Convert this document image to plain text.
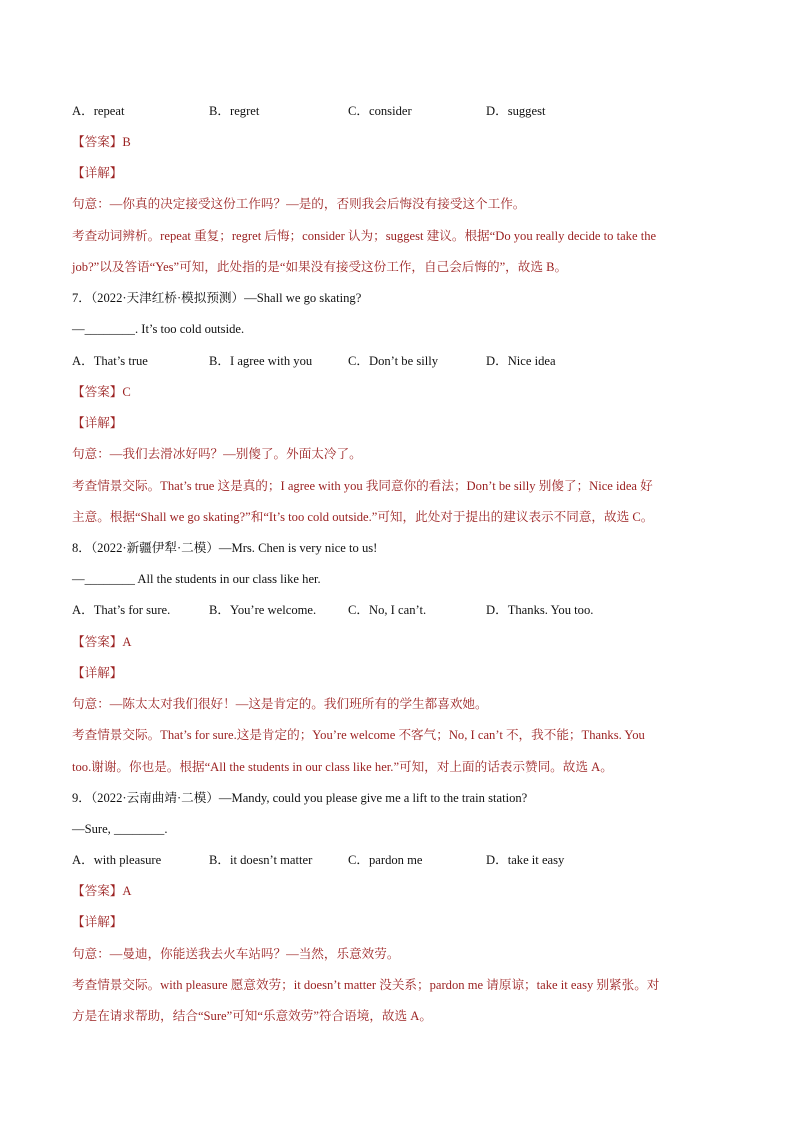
A．repeat	B．regret	C．consider	D．suggest
【答案】B
【详解】
句意：—你真的决定接受这份工作吗？—是的，否则我会后悔没有接受这个工作。
考查动词辨析。repeat 重复；regret 后悔；consider 认为；suggest 建议。根据“Do you really decide to take the
job?”以及答语“Yes”可知，此处指的是“如果没有接受这份工作，自己会后悔的”，故选 B。
7．（2022·天津红桥·模拟预测）—Shall we go skating?
—________. It’s too cold outside.
A．That’s true	B．I agree with you	C．Don’t be silly	D．Nice idea
【答案】C
【详解】
句意：—我们去滑冰好吗？—别傻了。外面太冷了。
考查情景交际。That’s true 这是真的；I agree with you 我同意你的看法；Don’t be silly 别傻了；Nice idea 好
主意。根据“Shall we go skating?”和“It’s too cold outside.”可知，此处对于提出的建议表示不同意，故选 C。
8．（2022·新疆伊犁·二模）—Mrs. Chen is very nice to us!
—________ All the students in our class like her.
A．That’s for sure.	B．You’re welcome.	C．No, I can’t.	D．Thanks. You too.
【答案】A
【详解】
句意：—陈太太对我们很好！—这是肯定的。我们班所有的学生都喜欢她。
考查情景交际。That’s for sure.这是肯定的；You’re welcome 不客气；No, I can’t 不，我不能；Thanks. You
too.谢谢。你也是。根据“All the students in our class like her.”可知，对上面的话表示赞同。故选 A。
9．（2022·云南曲靖·二模）—Mandy, could you please give me a lift to the train station?
—Sure, ________.
A．with pleasure	B．it doesn’t matter	C．pardon me	D．take it easy
【答案】A
【详解】
句意：—曼迪，你能送我去火车站吗？—当然，乐意效劳。
考查情景交际。with pleasure 愿意效劳；it doesn’t matter 没关系；pardon me 请原谅；take it easy 别紧张。对
方是在请求帮助，结合“Sure”可知“乐意效劳”符合语境，故选 A。
